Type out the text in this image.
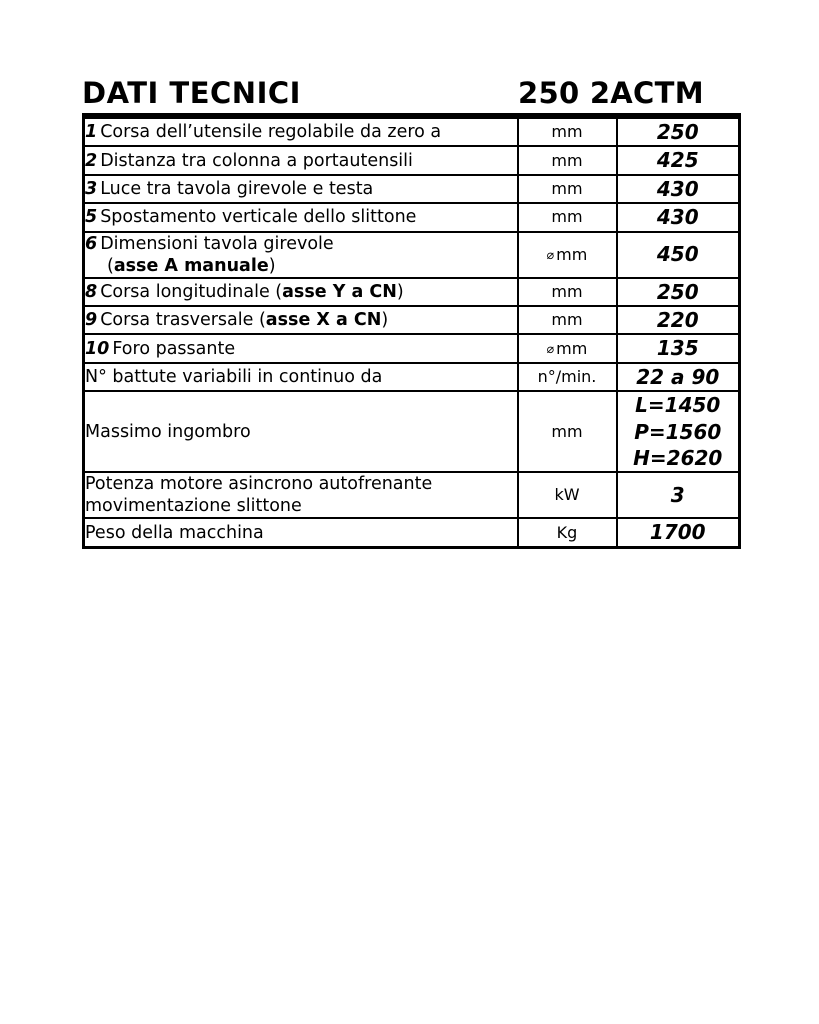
DATI TECNICI	250 2ACTM
1 Corsa dell’utensile regolabile da zero a	mm	250

2 Distanza tra colonna a portautensili	mm	425

3 Luce tra tavola girevole e testa	mm	430

5 Spostamento verticale dello slittone	mm	430

6 Dimensioni tavola girevole
(asse A manuale)	⌀ mm	450

8 Corsa longitudinale (asse Y a CN)	mm	250

9 Corsa trasversale (asse X a CN)	mm	220

10 Foro passante	⌀ mm	135

N° battute variabili in continuo da	n°/min.	22 a 90

Massimo ingombro	mm	L=1450
P=1560
H=2620

Potenza motore asincrono autofrenante
movimentazione slittone	kW	3

Peso della macchina	Kg	1700
